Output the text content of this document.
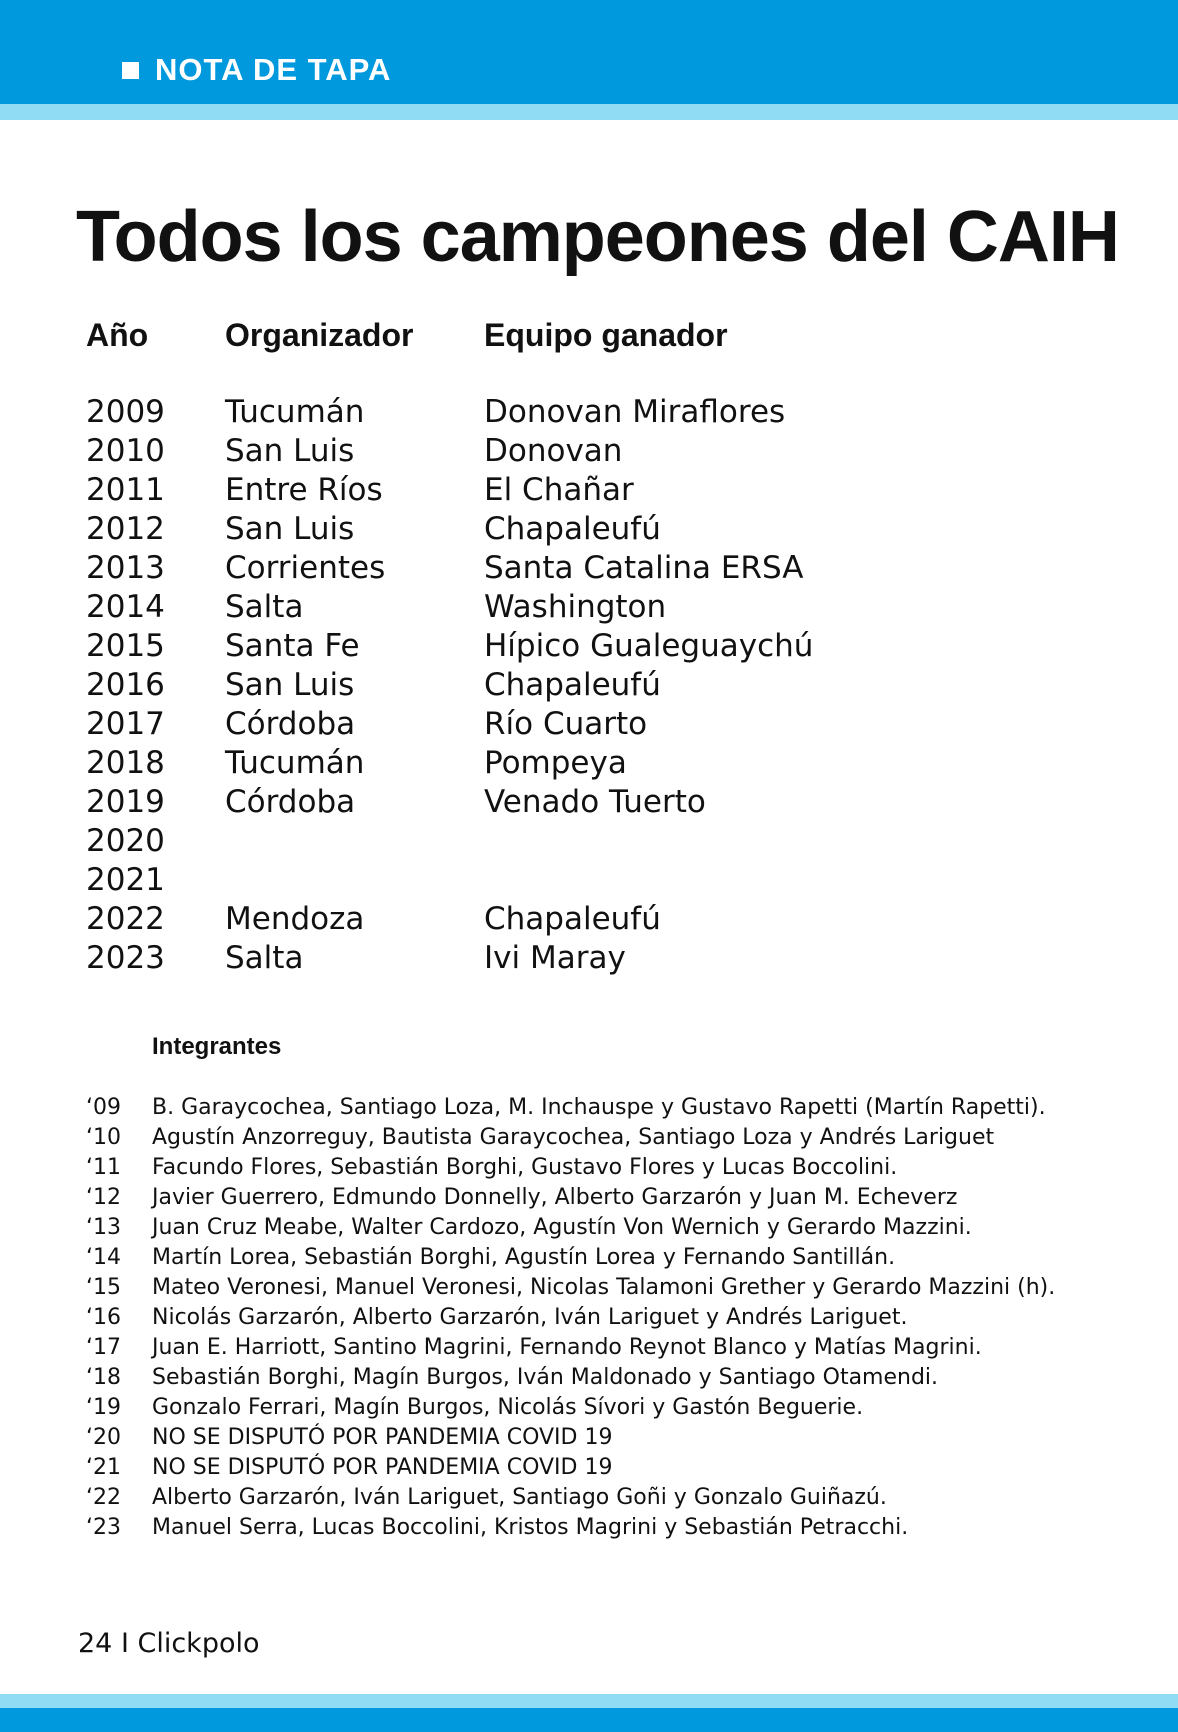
NOTA DE TAPA
Todos los campeones del CAIH
Año Organizador Equipo ganador
2009 Tucumán	Donovan Miraflores
2010 San Luis	Donovan
2011 Entre Ríos	El Chañar
2012 San Luis	Chapaleufú
2013 Corrientes	Santa Catalina ERSA
2014 Salta	Washington
2015 Santa Fe	Hípico Gualeguaychú
2016 San Luis	Chapaleufú
2017 Córdoba	Río Cuarto
2018 Tucumán	Pompeya
2019 Córdoba	Venado Tuerto
2020
2021
2022 Mendoza	Chapaleufú
2023 Salta	Ivi Maray
Integrantes
‘09 B. Garaycochea, Santiago Loza, M. Inchauspe y Gustavo Rapetti (Martín Rapetti).
‘10 Agustín Anzorreguy, Bautista Garaycochea, Santiago Loza y Andrés Lariguet
‘11 Facundo Flores, Sebastián Borghi, Gustavo Flores y Lucas Boccolini.
‘12 Javier Guerrero, Edmundo Donnelly, Alberto Garzarón y Juan M. Echeverz
‘13 Juan Cruz Meabe, Walter Cardozo, Agustín Von Wernich y Gerardo Mazzini.
‘14 Martín Lorea, Sebastián Borghi, Agustín Lorea y Fernando Santillán.
‘15 Mateo Veronesi, Manuel Veronesi, Nicolas Talamoni Grether y Gerardo Mazzini (h).
‘16 Nicolás Garzarón, Alberto Garzarón, Iván Lariguet y Andrés Lariguet.
‘17 Juan E. Harriott, Santino Magrini, Fernando Reynot Blanco y Matías Magrini.
‘18 Sebastián Borghi, Magín Burgos, Iván Maldonado y Santiago Otamendi.
‘19 Gonzalo Ferrari, Magín Burgos, Nicolás Sívori y Gastón Beguerie.
‘20 NO SE DISPUTÓ POR PANDEMIA COVID 19
‘21 NO SE DISPUTÓ POR PANDEMIA COVID 19
‘22 Alberto Garzarón, Iván Lariguet, Santiago Goñi y Gonzalo Guiñazú.
‘23 Manuel Serra, Lucas Boccolini, Kristos Magrini y Sebastián Petracchi.
24 I Clickpolo
